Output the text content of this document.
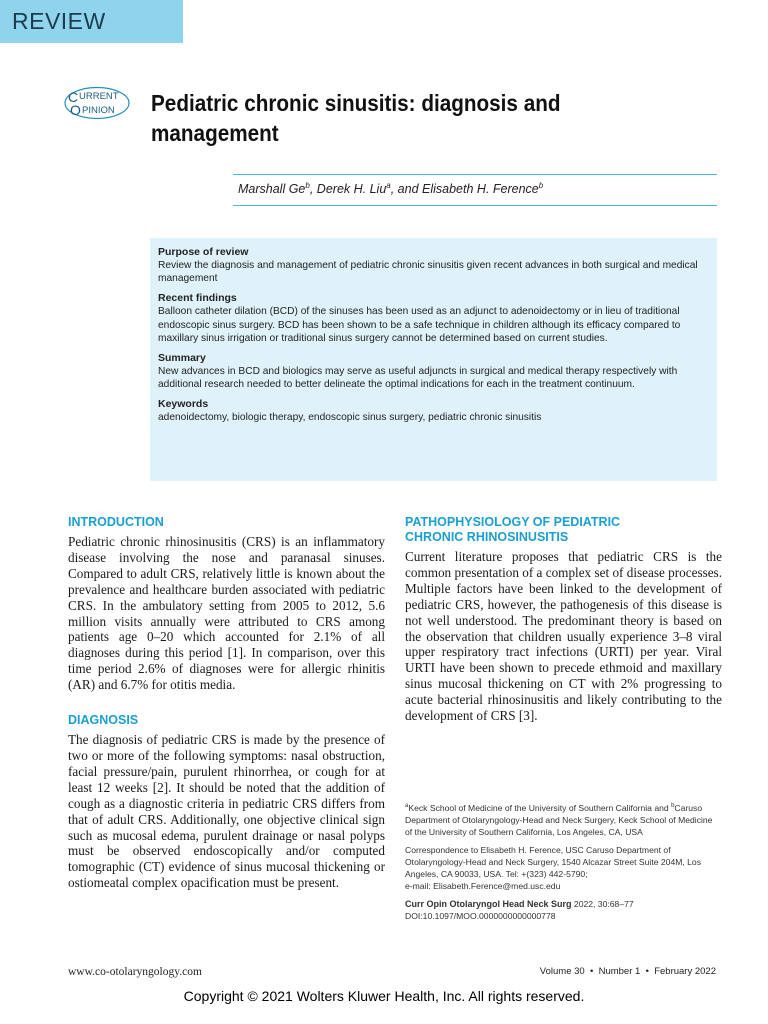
REVIEW
C URRENT
O PINION Pediatric chronic sinusitis: diagnosis and management

Marshall Ge$^b$, Derek H. Liu$^a$, and Elisabeth H. Ference$^b$

Purpose of review

Review the diagnosis and management of pediatric chronic sinusitis given recent advances in both surgical and medical management

Recent findings

Balloon catheter dilation (BCD) of the sinuses has been used as an adjunct to adenoidectomy or in lieu of traditional endoscopic sinus surgery. BCD has been shown to be a safe technique in children although its efficacy compared to maxillary sinus irrigation or traditional sinus surgery cannot be determined based on current studies.

Summary

New advances in BCD and biologics may serve as useful adjuncts in surgical and medical therapy respectively with additional research needed to better delineate the optimal indications for each in the treatment continuum.

Keywords

adenoidectomy, biologic therapy, endoscopic sinus surgery, pediatric chronic sinusitis

INTRODUCTION

Pediatric chronic rhinosinusitis (CRS) is an inflammatory disease involving the nose and paranasal sinuses. Compared to adult CRS, relatively little is known about the prevalence and healthcare burden associated with pediatric CRS. In the ambulatory setting from 2005 to 2012, 5.6 million visits annually were attributed to CRS among patients age 0–20 which accounted for 2.1% of all diagnoses during this period [1]. In comparison, over this time period 2.6% of diagnoses were for allergic rhinitis (AR) and 6.7% for otitis media.

DIAGNOSIS

The diagnosis of pediatric CRS is made by the presence of two or more of the following symptoms: nasal obstruction, facial pressure/pain, purulent rhinorrhea, or cough for at least 12 weeks [2]. It should be noted that the addition of cough as a diagnostic criteria in pediatric CRS differs from that of adult CRS. Additionally, one objective clinical sign such as mucosal edema, purulent drainage or nasal polyps must be observed endoscopically and/or computed tomographic (CT) evidence of sinus mucosal thickening or ostiomeatal complex opacification must be present.

PATHOPHYSIOLOGY OF PEDIATRIC
CHRONIC RHINOSINUSITIS

Current literature proposes that pediatric CRS is the common presentation of a complex set of disease processes. Multiple factors have been linked to the development of pediatric CRS, however, the pathogenesis of this disease is not well understood. The predominant theory is based on the observation that children usually experience 3–8 viral upper respiratory tract infections (URTI) per year. Viral URTI have been shown to precede ethmoid and maxillary sinus mucosal thickening on CT with 2% progressing to acute bacterial rhinosinusitis and likely contributing to the development of CRS [3].

$^a$Keck School of Medicine of the University of Southern California and $^b$Caruso Department of Otolaryngology-Head and Neck Surgery, Keck School of Medicine of the University of Southern California, Los Angeles, CA, USA

Correspondence to Elisabeth H. Ference, USC Caruso Department of Otolaryngology-Head and Neck Surgery, 1540 Alcazar Street Suite 204M, Los Angeles, CA 90033, USA. Tel: +(323) 442-5790;
e-mail: Elisabeth.Ference@med.usc.edu

Curr Opin Otolaryngol Head Neck Surg 2022, 30:68–77
DOI:10.1097/MOO.0000000000000778

www.co-otolaryngology.com	Volume 30 • Number 1 • February 2022
Copyright © 2021 Wolters Kluwer Health, Inc. All rights reserved.
